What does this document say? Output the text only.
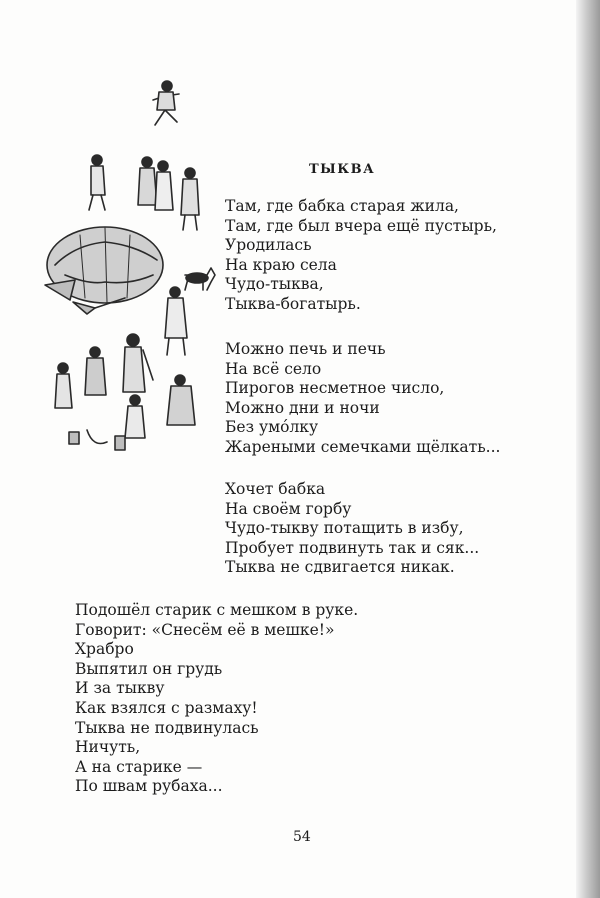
ТЫКВА
Там, где бабка старая жила,
Там, где был вчера ещё пустырь,
Уродилась
На краю села
Чудо-тыква,
Тыква-богатырь.
Можно печь и печь
На всё село
Пирогов несметное число,
Можно дни и ночи
Без умо́лку
Жареными семечками щёлкать...
Хочет бабка
На своём горбу
Чудо-тыкву потащить в избу,
Пробует подвинуть так и сяк...
Тыква не сдвигается никак.
Подошёл старик с мешком в руке.
Говорит: «Снесём её в мешке!»
Храбро
Выпятил он грудь
И за тыкву
Как взялся с размаху!
Тыква не подвинулась
Ничуть,
А на старике —
По швам рубаха...
54
